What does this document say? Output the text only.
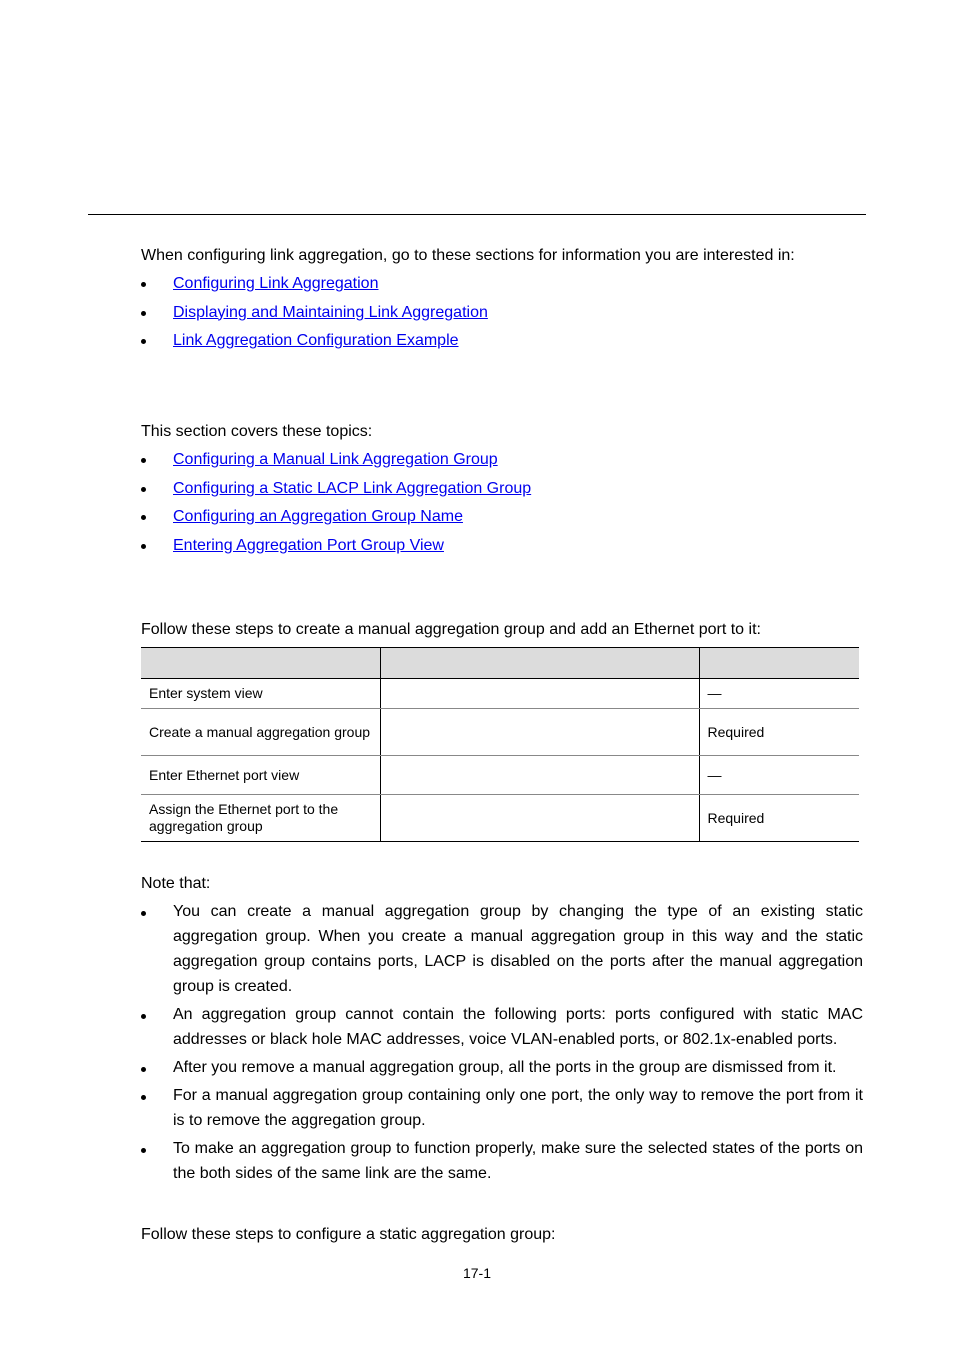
When configuring link aggregation, go to these sections for information you are interested in:
Configuring Link Aggregation
Displaying and Maintaining Link Aggregation
Link Aggregation Configuration Example
This section covers these topics:
Configuring a Manual Link Aggregation Group
Configuring a Static LACP Link Aggregation Group
Configuring an Aggregation Group Name
Entering Aggregation Port Group View
Follow these steps to create a manual aggregation group and add an Ethernet port to it:

Enter system view		—
Create a manual aggregation group		Required
Enter Ethernet port view		—
Assign the Ethernet port to the aggregation group		Required
Note that:
You can create a manual aggregation group by changing the type of an existing static aggregation group. When you create a manual aggregation group in this way and the static aggregation group contains ports, LACP is disabled on the ports after the manual aggregation group is created.
An aggregation group cannot contain the following ports: ports configured with static MAC addresses or black hole MAC addresses, voice VLAN-enabled ports, or 802.1x-enabled ports.
After you remove a manual aggregation group, all the ports in the group are dismissed from it.
For a manual aggregation group containing only one port, the only way to remove the port from it is to remove the aggregation group.
To make an aggregation group to function properly, make sure the selected states of the ports on the both sides of the same link are the same.
Follow these steps to configure a static aggregation group:
17-1
